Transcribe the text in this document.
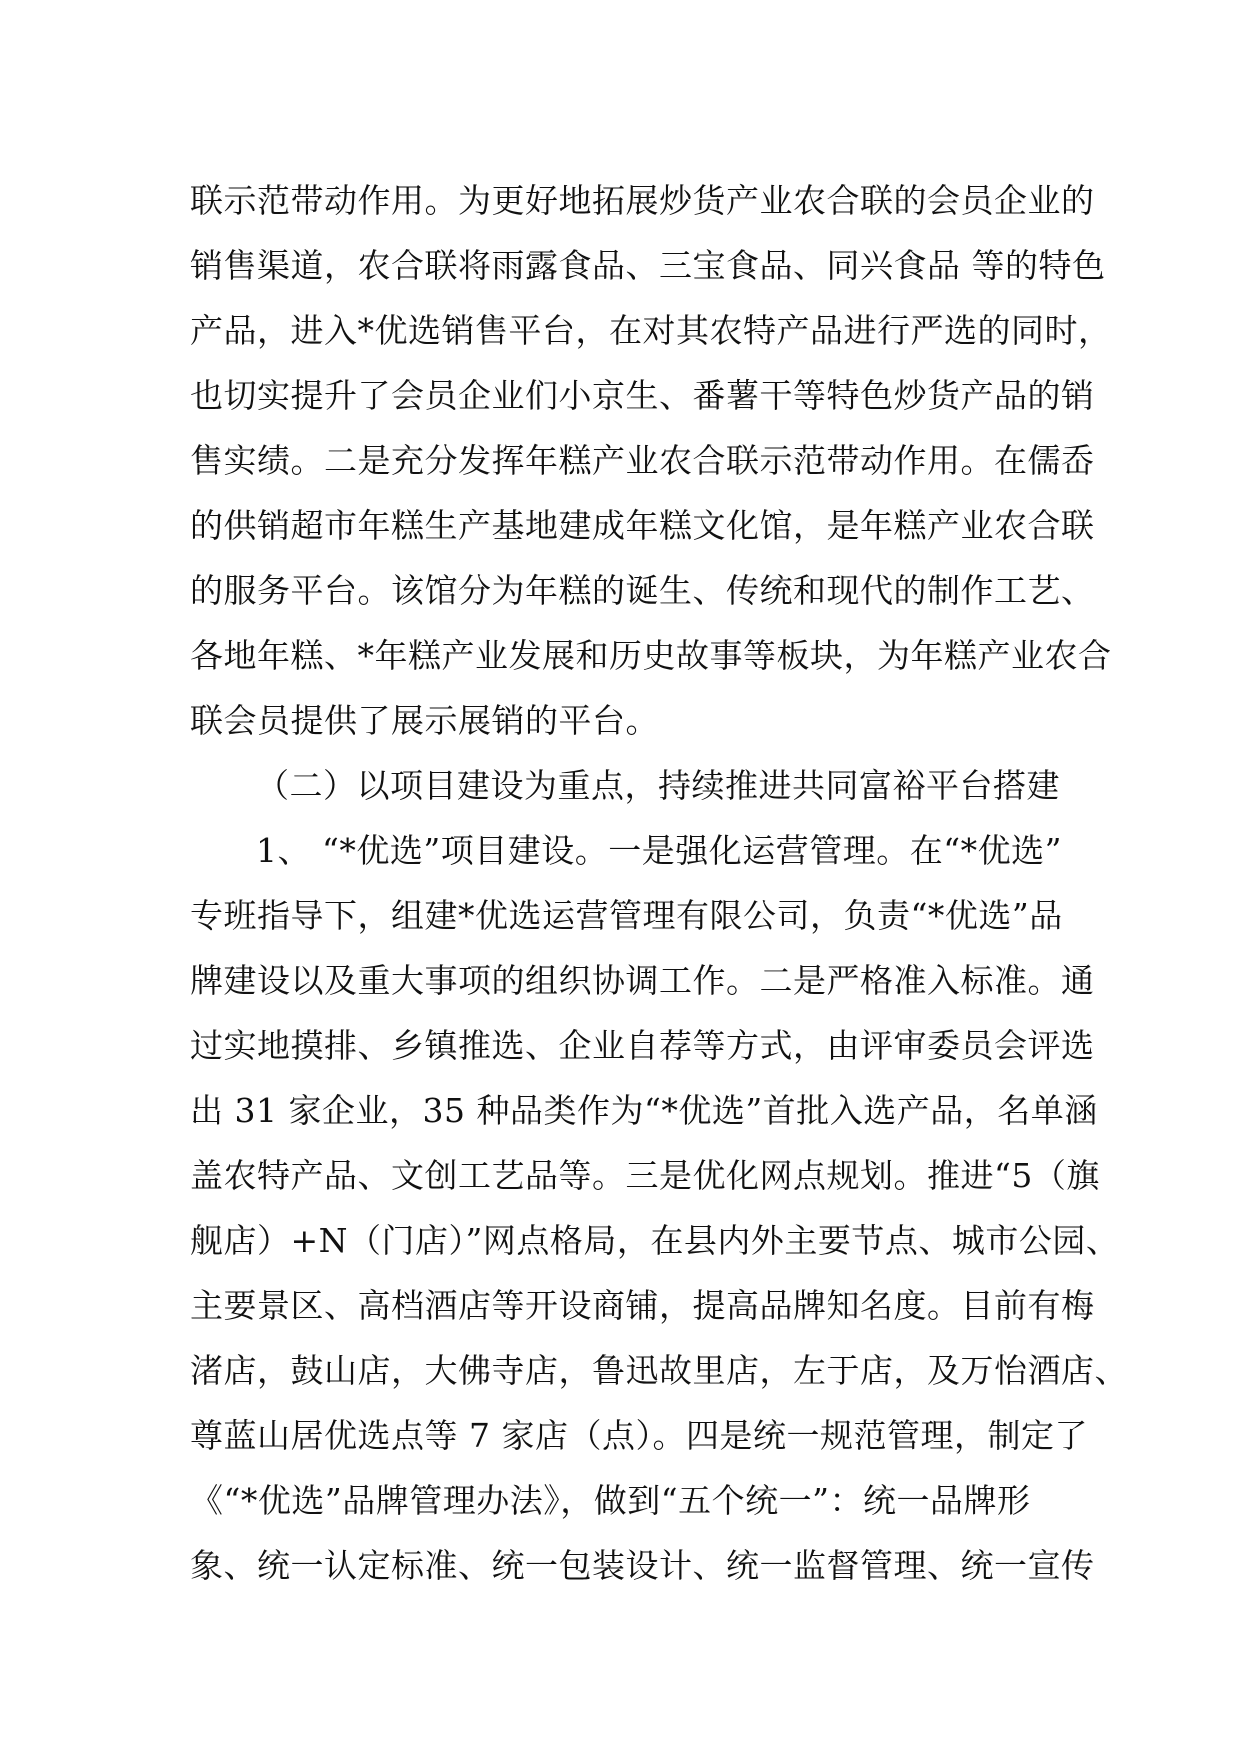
联示范带动作用。为更好地拓展炒货产业农合联的会员企业的
销售渠道，农合联将雨露食品、三宝食品、同兴食品 等的特色
产品，进入*优选销售平台，在对其农特产品进行严选的同时，
也切实提升了会员企业们小京生、番薯干等特色炒货产品的销
售实绩。二是充分发挥年糕产业农合联示范带动作用。在儒岙
的供销超市年糕生产基地建成年糕文化馆，是年糕产业农合联
的服务平台。该馆分为年糕的诞生、传统和现代的制作工艺、
各地年糕、*年糕产业发展和历史故事等板块，为年糕产业农合
联会员提供了展示展销的平台。
（二）以项目建设为重点，持续推进共同富裕平台搭建
1、 “*优选”项目建设。一是强化运营管理。在“*优选”
专班指导下，组建*优选运营管理有限公司，负责“*优选”品
牌建设以及重大事项的组织协调工作。二是严格准入标准。通
过实地摸排、乡镇推选、企业自荐等方式，由评审委员会评选
出 31 家企业，35 种品类作为“*优选”首批入选产品，名单涵
盖农特产品、文创工艺品等。三是优化网点规划。推进“5（旗
舰店）+N（门店）”网点格局，在县内外主要节点、城市公园、
主要景区、高档酒店等开设商铺，提高品牌知名度。目前有梅
渚店，鼓山店，大佛寺店，鲁迅故里店，左于店，及万怡酒店、
尊蓝山居优选点等 7 家店（点）。四是统一规范管理，制定了
《“*优选”品牌管理办法》，做到“五个统一”：统一品牌形
象、统一认定标准、统一包装设计、统一监督管理、统一宣传
